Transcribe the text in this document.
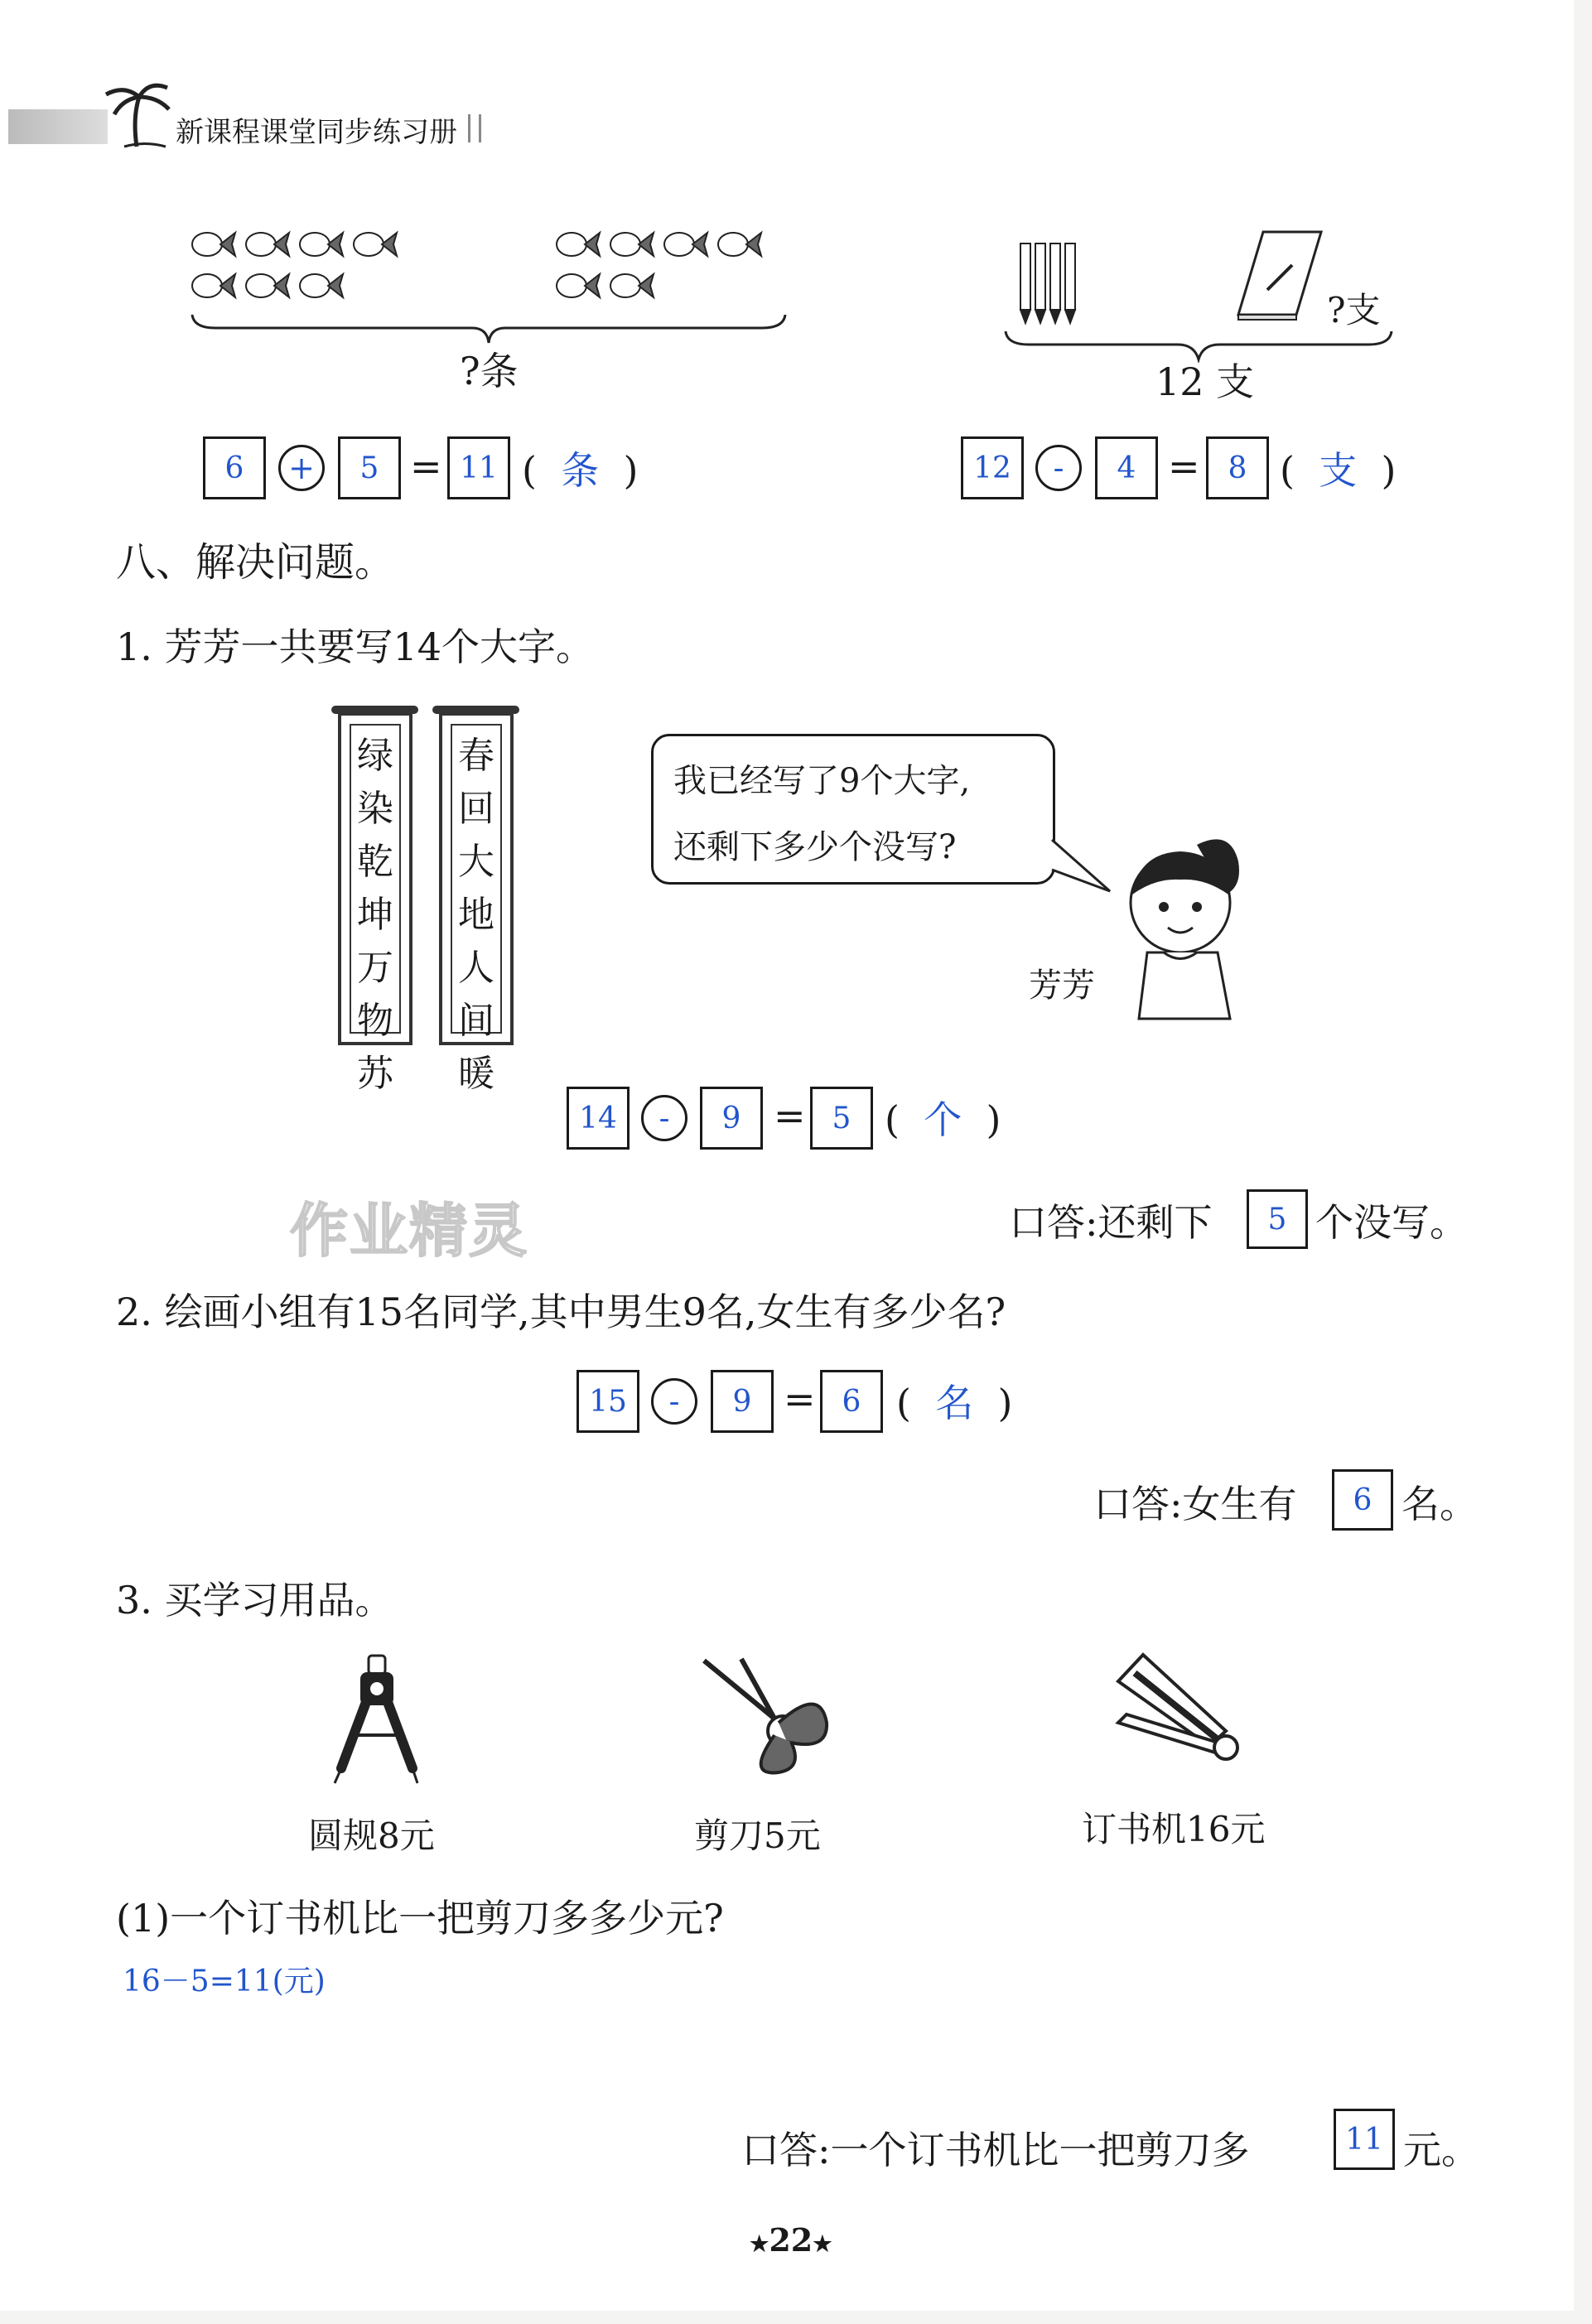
新课程课堂同步练习册
?条
6	+	5 = 11 (  条  )
?支
12 支
12	-	4 = 8 (  支  )
八、解决问题。
1. 芳芳一共要写14个大字。
绿
染
乾
坤
万
物
苏
春
回
大
地
人
间
暖
我已经写了9个大字,
还剩下多少个没写?
芳芳
14	-	9 = 5 (  个  )
作业精灵	口答:还剩下	5 个没写。
2. 绘画小组有15名同学,其中男生9名,女生有多少名?
15	-	9 = 6 (  名  )
口答:女生有	6 名。
3. 买学习用品。
圆规8元	剪刀5元	订书机16元
(1)一个订书机比一把剪刀多多少元?
16－5=11(元)
口答:一个订书机比一把剪刀多	11 元。
★22★
